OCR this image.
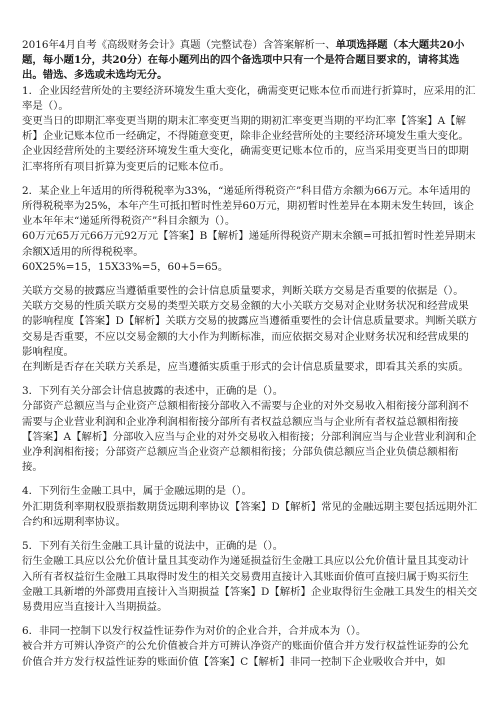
2016年4月自考《高级财务会计》真题（完整试卷）含答案解析一、单项选择题（本大题共20小题，每小题1分，共20分）在每小题列出的四个备选项中只有一个是符合题目要求的，请将其选出。错选、多选或未选均无分。

1．企业因经营所处的主要经济环境发生重大变化，确需变更记账本位币而进行折算时，应采用的汇率是（）。

变更当日的即期汇率变更当期的期末汇率变更当期的期初汇率变更当期的平均汇率【答案】A【解析】企业记账本位币一经确定，不得随意变更，除非企业经营所处的主要经济环境发生重大变化。企业因经营所处的主要经济环境发生重大变化，确需变更记账本位币的，应当采用变更当日的即期汇率将所有项目折算为变更后的记账本位币。

2．某企业上年适用的所得税税率为33%，“递延所得税资产”科目借方余额为66万元。本年适用的所得税税率为25%，本年产生可抵扣暂时性差异60万元，期初暂时性差异在本期未发生转回，该企业本年年末“递延所得税资产”科目余额为（）。

60万元65万元66万元92万元【答案】B【解析】递延所得税资产期末余额=可抵扣暂时性差异期末余额X适用的所得税税率。

60X25%=15，15X33%=5，60+5=65。

关联方交易的披露应当遵循重要性的会计信息质量要求，判断关联方交易是否重要的依据是（）。

关联方交易的性质关联方交易的类型关联方交易金额的大小关联方交易对企业财务状况和经营成果的影响程度【答案】D【解析】关联方交易的披露应当遵循重要性的会计信息质量要求。判断关联方交易是否重要，不应以交易金额的大小作为判断标准，而应依据交易对企业财务状况和经营成果的影响程度。

在判断是否存在关联方关系是，应当遵循实质重于形式的会计信息质量要求，即看其关系的实质。

3．下列有关分部会计信息披露的表述中，正确的是（）。

分部资产总额应当与企业资产总额相衔接分部收入不需要与企业的对外交易收入相衔接分部利润不需要与企业营业利润和企业净利润相衔接分部所有者权益总额应当与企业所有者权益总额相衔接【答案】A【解析】分部收入应当与企业的对外交易收入相衔接；分部利润应当与企业营业利润和企业净利润相衔接；分部资产总额应当企业资产总额相衔接；分部负债总额应当企业负债总额相衔接。

4．下列衍生金融工具中，属于金融远期的是（）。

外汇期货利率期权股票指数期货远期利率协议【答案】D【解析】常见的金融远期主要包括远期外汇合约和远期利率协议。

5．下列有关衍生金融工具计量的说法中，正确的是（）。

衍生金融工具应以公允价值计量且其变动作为递延损益衍生金融工具应以公允价值计量且其变动计入所有者权益衍生金融工具取得时发生的相关交易费用直接计入其账面价值可直接归属于购买衍生金融工具新增的外部费用直接计入当期损益【答案】D【解析】企业取得衍生金融工具发生的相关交易费用应当直接计入当期损益。

6．非同一控制下以发行权益性证券作为对价的企业合并，合并成本为（）。

被合并方可辨认净资产的公允价值被合并方可辨认净资产的账面价值合并方发行权益性证券的公允价值合并方发行权益性证券的账面价值【答案】C【解析】非同一控制下企业吸收合并中，如
